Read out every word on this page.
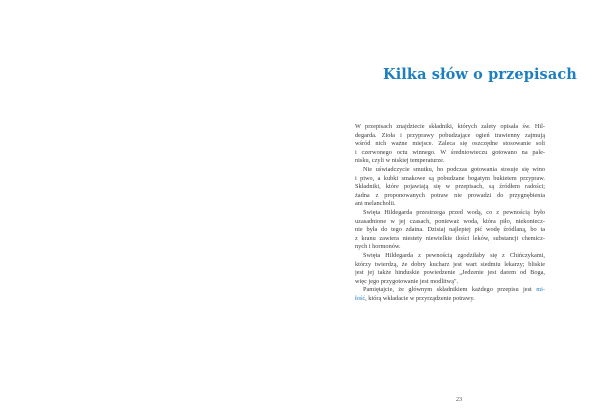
Kilka słów o przepisach
W przepisach znajdziecie składniki, których zalety opisała św. Hil-
degarda. Zioła i przyprawy pobudzające ogień trawienny zajmują
wśród nich ważne miejsce. Zaleca się oszczędne stosowanie soli
i czerwonego octu winnego. W średniowieczu gotowano na pale-
nisku, czyli w niskiej temperaturze.
Nie uświadczycie smutku, bo podczas gotowania stosuje się wino
i piwo, a kubki smakowe są pobudzane bogatym bukietem przypraw.
Składniki, które pojawiają się w przepisach, są źródłem radości;
żadna z proponowanych potraw nie prowadzi do przygnębienia
ani melancholii.
Święta Hildegarda przestrzega przed wodą, co z pewnością było
uzasadnione w jej czasach, ponieważ woda, która piło, niekoniecz-
nie była do tego zdatna. Dzisiaj najlepiej pić wodę źródlaną, bo ta
z kranu zawiera niestety niewielkie ilości leków, substancji chemicz-
nych i hormonów.
Święta Hildegarda z pewnością zgodziłaby się z Chińczykami,
którzy twierdzą, że dobry kucharz jest wart siedmiu lekarzy; bliskie
jest jej także hinduskie powiedzenie „Jedzenie jest darem od Boga,
więc jego przygotowanie jest modlitwą".
Pamiętajcie, że głównym składnikiem każdego przepisu jest mi-
łość, którą wkładacie w przyrządzenie potrawy.
23
